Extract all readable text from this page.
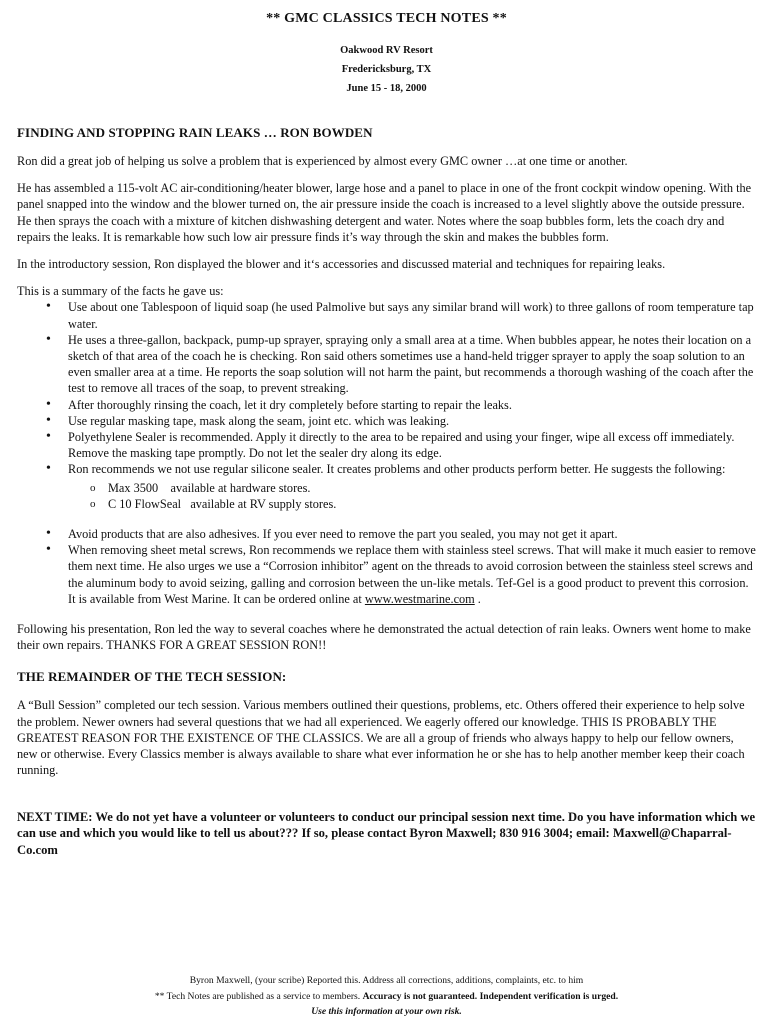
** GMC CLASSICS TECH NOTES **
Oakwood RV Resort
Fredericksburg, TX
June 15 - 18, 2000
FINDING AND STOPPING RAIN LEAKS … RON BOWDEN

Ron did a great job of helping us solve a problem that is experienced by almost every GMC owner …at one time or another.

He has assembled a 115-volt AC air-conditioning/heater blower, large hose and a panel to place in one of the front cockpit window opening. With the panel snapped into the window and the blower turned on, the air pressure inside the coach is increased to a level slightly above the outside pressure. He then sprays the coach with a mixture of kitchen dishwashing detergent and water. Notes where the soap bubbles form, lets the coach dry and repairs the leaks. It is remarkable how such low air pressure finds it’s way through the skin and makes the bubbles form.

In the introductory session, Ron displayed the blower and it‘s accessories and discussed material and techniques for repairing leaks.

This is a summary of the facts he gave us:

• Use about one Tablespoon of liquid soap (he used Palmolive but says any similar brand will work) to three gallons of room temperature tap water.
• He uses a three-gallon, backpack, pump-up sprayer, spraying only a small area at a time. When bubbles appear, he notes their location on a sketch of that area of the coach he is checking. Ron said others sometimes use a hand-held trigger sprayer to apply the soap solution to an even smaller area at a time. He reports the soap solution will not harm the paint, but recommends a thorough washing of the coach after the test to remove all traces of the soap, to prevent streaking.
• After thoroughly rinsing the coach, let it dry completely before starting to repair the leaks.
• Use regular masking tape, mask along the seam, joint etc. which was leaking.
• Polyethylene Sealer is recommended. Apply it directly to the area to be repaired and using your finger, wipe all excess off immediately. Remove the masking tape promptly. Do not let the sealer dry along its edge.
• Ron recommends we not use regular silicone sealer. It creates problems and other products perform better. He suggests the following:
o Max 3500    available at hardware stores.
o C 10 FlowSeal   available at RV supply stores.
• Avoid products that are also adhesives. If you ever need to remove the part you sealed, you may not get it apart.
• When removing sheet metal screws, Ron recommends we replace them with stainless steel screws. That will make it much easier to remove them next time. He also urges we use a “Corrosion inhibitor” agent on the threads to avoid corrosion between the stainless steel screws and the aluminum body to avoid seizing, galling and corrosion between the un-like metals. Tef-Gel is a good product to prevent this corrosion. It is available from West Marine. It can be ordered online at www.westmarine.com .

Following his presentation, Ron led the way to several coaches where he demonstrated the actual detection of rain leaks. Owners went home to make their own repairs. THANKS FOR A GREAT SESSION RON!!

THE REMAINDER OF THE TECH SESSION:

A “Bull Session” completed our tech session. Various members outlined their questions, problems, etc. Others offered their experience to help solve the problem. Newer owners had several questions that we had all experienced. We eagerly offered our knowledge. THIS IS PROBABLY THE GREATEST REASON FOR THE EXISTENCE OF THE CLASSICS. We are all a group of friends who always happy to help our fellow owners, new or otherwise. Every Classics member is always available to share what ever information he or she has to help another member keep their coach running.

NEXT TIME: We do not yet have a volunteer or volunteers to conduct our principal session next time. Do you have information which we can use and which you would like to tell us about??? If so, please contact Byron Maxwell; 830 916 3004; email: Maxwell@Chaparral-Co.com
Byron Maxwell, (your scribe) Reported this. Address all corrections, additions, complaints, etc. to him
** Tech Notes are published as a service to members. Accuracy is not guaranteed. Independent verification is urged.
Use this information at your own risk.
